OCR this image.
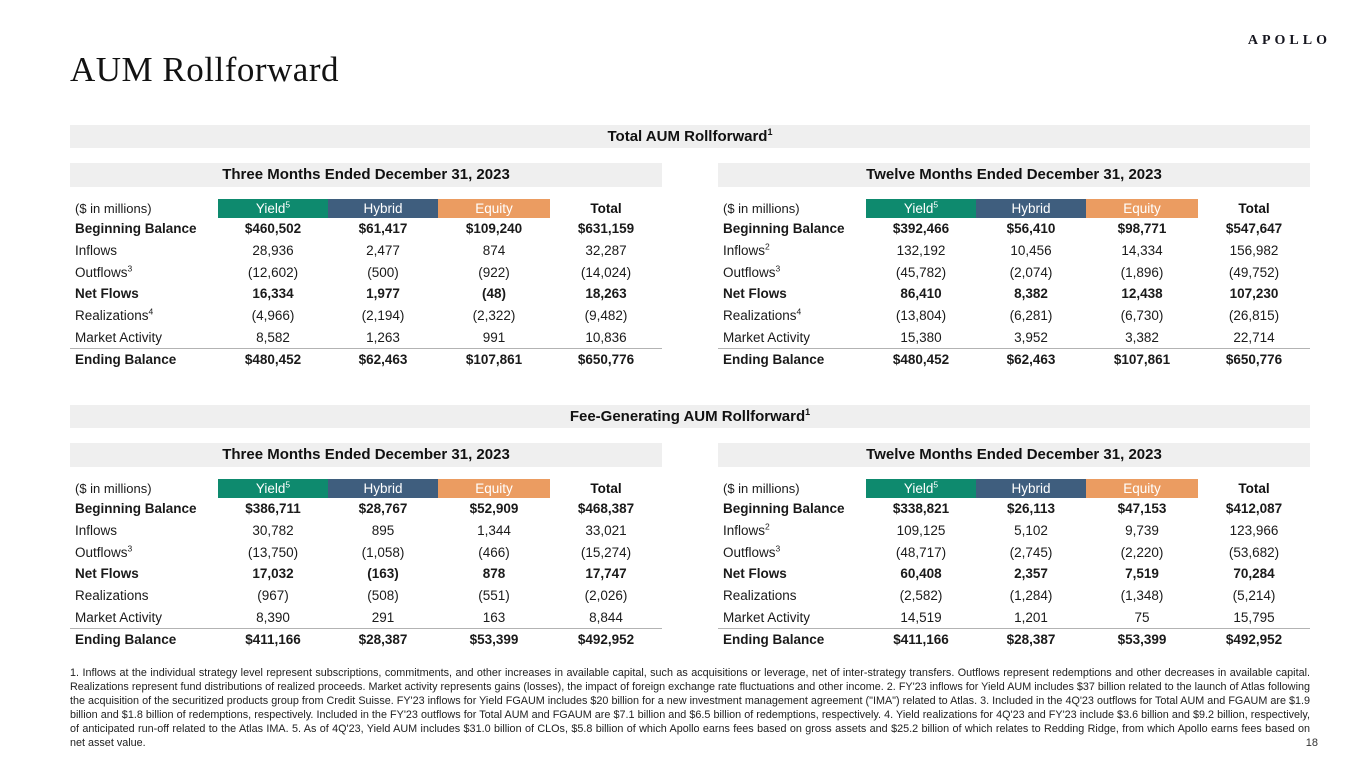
APOLLO
AUM Rollforward
Total AUM Rollforward$^1$
Three Months Ended December 31, 2023
($ in millions)	Yield$^5$	Hybrid	Equity	Total
Beginning Balance	$460,502	$61,417	$109,240	$631,159
Inflows	28,936	2,477	874	32,287
Outflows$^3$	(12,602)	(500)	(922)	(14,024)
Net Flows	16,334	1,977	(48)	18,263
Realizations$^4$	(4,966)	(2,194)	(2,322)	(9,482)
Market Activity	8,582	1,263	991	10,836
Ending Balance	$480,452	$62,463	$107,861	$650,776
Twelve Months Ended December 31, 2023
($ in millions)	Yield$^5$	Hybrid	Equity	Total
Beginning Balance	$392,466	$56,410	$98,771	$547,647
Inflows$^2$	132,192	10,456	14,334	156,982
Outflows$^3$	(45,782)	(2,074)	(1,896)	(49,752)
Net Flows	86,410	8,382	12,438	107,230
Realizations$^4$	(13,804)	(6,281)	(6,730)	(26,815)
Market Activity	15,380	3,952	3,382	22,714
Ending Balance	$480,452	$62,463	$107,861	$650,776
Fee-Generating AUM Rollforward$^1$
Three Months Ended December 31, 2023
($ in millions)	Yield$^5$	Hybrid	Equity	Total
Beginning Balance	$386,711	$28,767	$52,909	$468,387
Inflows	30,782	895	1,344	33,021
Outflows$^3$	(13,750)	(1,058)	(466)	(15,274)
Net Flows	17,032	(163)	878	17,747
Realizations	(967)	(508)	(551)	(2,026)
Market Activity	8,390	291	163	8,844
Ending Balance	$411,166	$28,387	$53,399	$492,952
Twelve Months Ended December 31, 2023
($ in millions)	Yield$^5$	Hybrid	Equity	Total
Beginning Balance	$338,821	$26,113	$47,153	$412,087
Inflows$^2$	109,125	5,102	9,739	123,966
Outflows$^3$	(48,717)	(2,745)	(2,220)	(53,682)
Net Flows	60,408	2,357	7,519	70,284
Realizations	(2,582)	(1,284)	(1,348)	(5,214)
Market Activity	14,519	1,201	75	15,795
Ending Balance	$411,166	$28,387	$53,399	$492,952
1. Inflows at the individual strategy level represent subscriptions, commitments, and other increases in available capital, such as acquisitions or leverage, net of inter-strategy transfers. Outflows represent redemptions and other decreases in available capital. Realizations represent fund distributions of realized proceeds. Market activity represents gains (losses), the impact of foreign exchange rate fluctuations and other income. 2. FY'23 inflows for Yield AUM includes $37 billion related to the launch of Atlas following the acquisition of the securitized products group from Credit Suisse. FY'23 inflows for Yield FGAUM includes $20 billion for a new investment management agreement ("IMA") related to Atlas. 3. Included in the 4Q'23 outflows for Total AUM and FGAUM are $1.9 billion and $1.8 billion of redemptions, respectively. Included in the FY'23 outflows for Total AUM and FGAUM are $7.1 billion and $6.5 billion of redemptions, respectively. 4. Yield realizations for 4Q'23 and FY'23 include $3.6 billion and $9.2 billion, respectively, of anticipated run-off related to the Atlas IMA. 5. As of 4Q'23, Yield AUM includes $31.0 billion of CLOs, $5.8 billion of which Apollo earns fees based on gross assets and $25.2 billion of which relates to Redding Ridge, from which Apollo earns fees based on net asset value.	18
